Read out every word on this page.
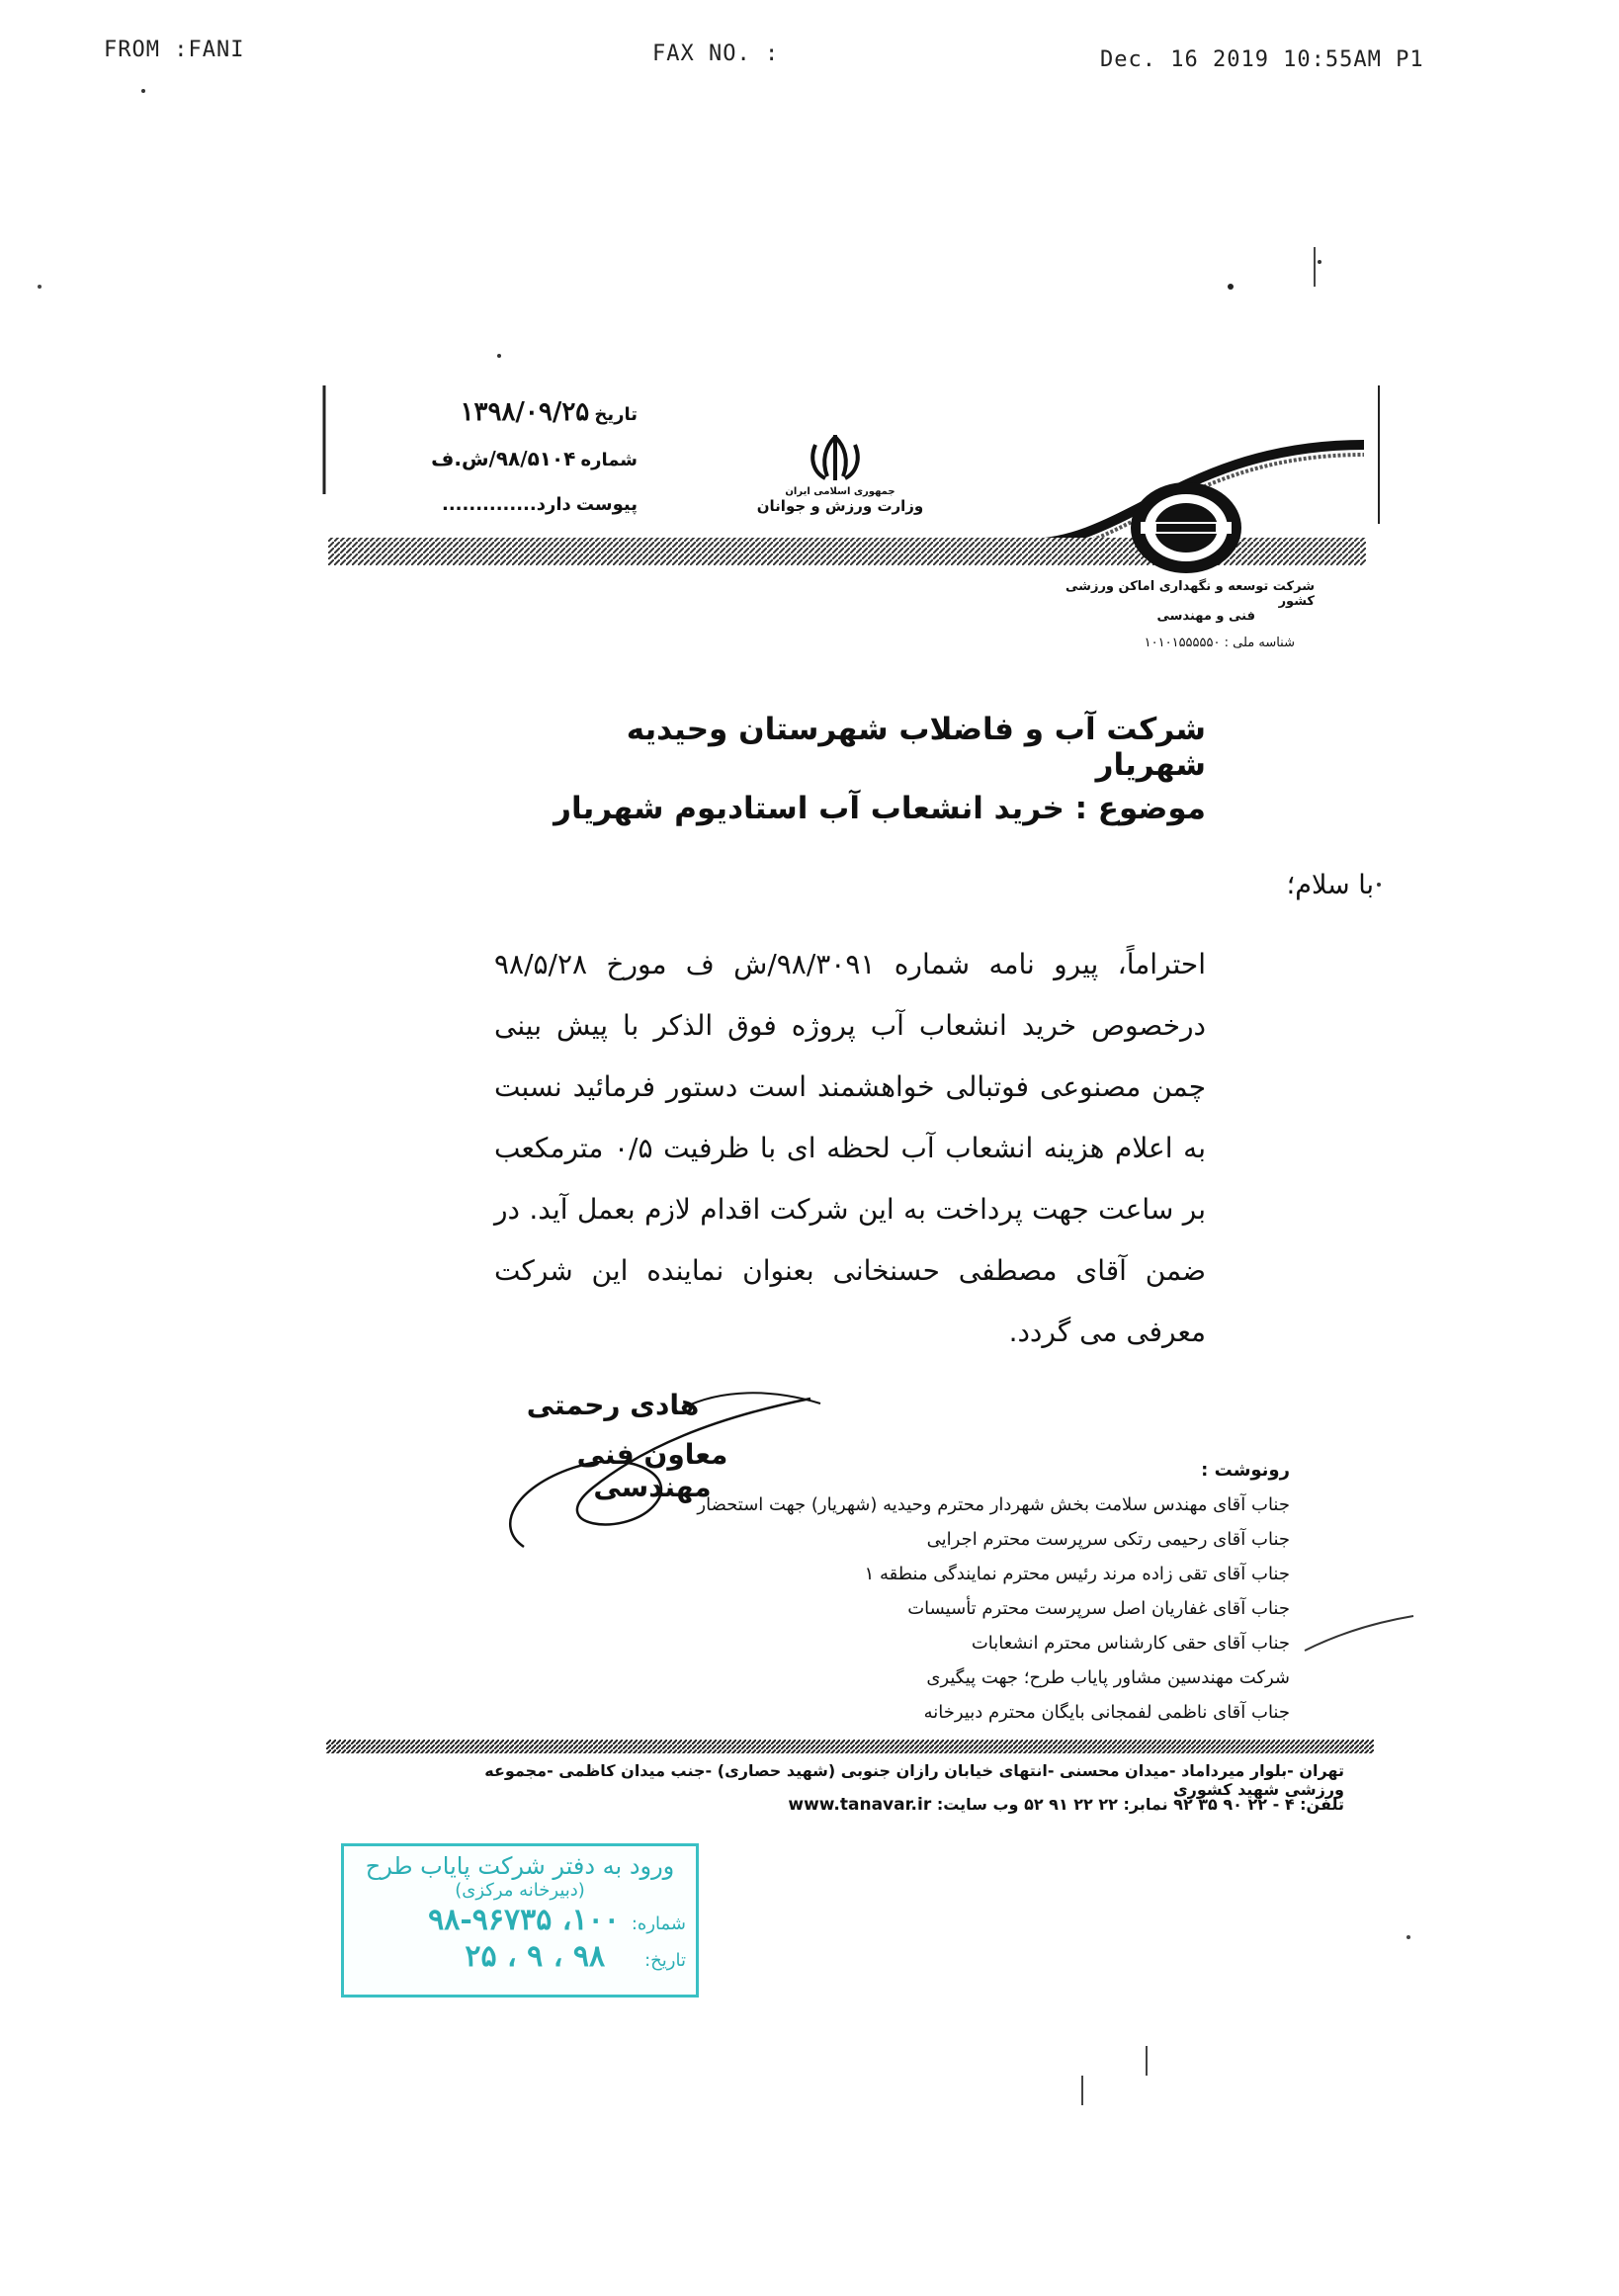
FROM :FANI	FAX NO. :	Dec. 16 2019 10:55AM P1
تاریخ ۱۳۹۸/۰۹/۲۵
شماره ۹۸/۵۱۰۴/ش.ف
پیوست دارد..............
جمهوری اسلامی ایران
وزارت ورزش و جوانان
شرکت توسعه و نگهداری اماکن ورزشی کشور
فنی و مهندسی
شناسه ملی : ۱۰۱۰۱۵۵۵۵۵۰
شرکت آب و فاضلاب شهرستان وحیدیه شهریار
موضوع : خرید انشعاب آب استادیوم شهریار
با سلام؛
احتراماً، پیرو نامه شماره ۹۸/۳۰۹۱/ش ف مورخ ۹۸/۵/۲۸ درخصوص خرید انشعاب آب پروژه فوق الذکر با پیش بینی چمن مصنوعی فوتبالی خواهشمند است دستور فرمائید نسبت به اعلام هزینه انشعاب آب لحظه ای با ظرفیت ۰/۵ مترمکعب بر ساعت جهت پرداخت به این شرکت اقدام لازم بعمل آید. در ضمن آقای مصطفی حسنخانی بعنوان نماینده این شرکت معرفی می گردد.
هادی رحمتی
معاون فنی مهندسی
رونوشت :
جناب آقای مهندس سلامت بخش شهردار محترم وحیدیه (شهریار) جهت استحضار
جناب آقای رحیمی رتکی سرپرست محترم اجرایی
جناب آقای تقی زاده مرند رئیس محترم نمایندگی منطقه ۱
جناب آقای غفاریان اصل سرپرست محترم تأسیسات
جناب آقای حقی کارشناس محترم انشعابات
شرکت مهندسین مشاور پایاب طرح؛ جهت پیگیری
جناب آقای ناظمی لفمجانی بایگان محترم دبیرخانه
تهران -بلوار میرداماد -میدان محسنی -انتهای خیابان رازان جنوبی (شهید حصاری) -جنب میدان کاظمی -مجموعه ورزشی شهید کشوری
تلفن: ۴ - ۲۲ ۹۰ ۳۵ ۹۲ نمابر: ۲۲ ۲۲ ۹۱ ۵۲ وب سایت: www.tanavar.ir
ورود به دفتر شرکت پایاب طرح
(دبیرخانه مرکزی)
شماره:
۱۰۰، ۹۸-۹۶۷۳۵
تاریخ:
۹۸ ، ۹ ، ۲۵
